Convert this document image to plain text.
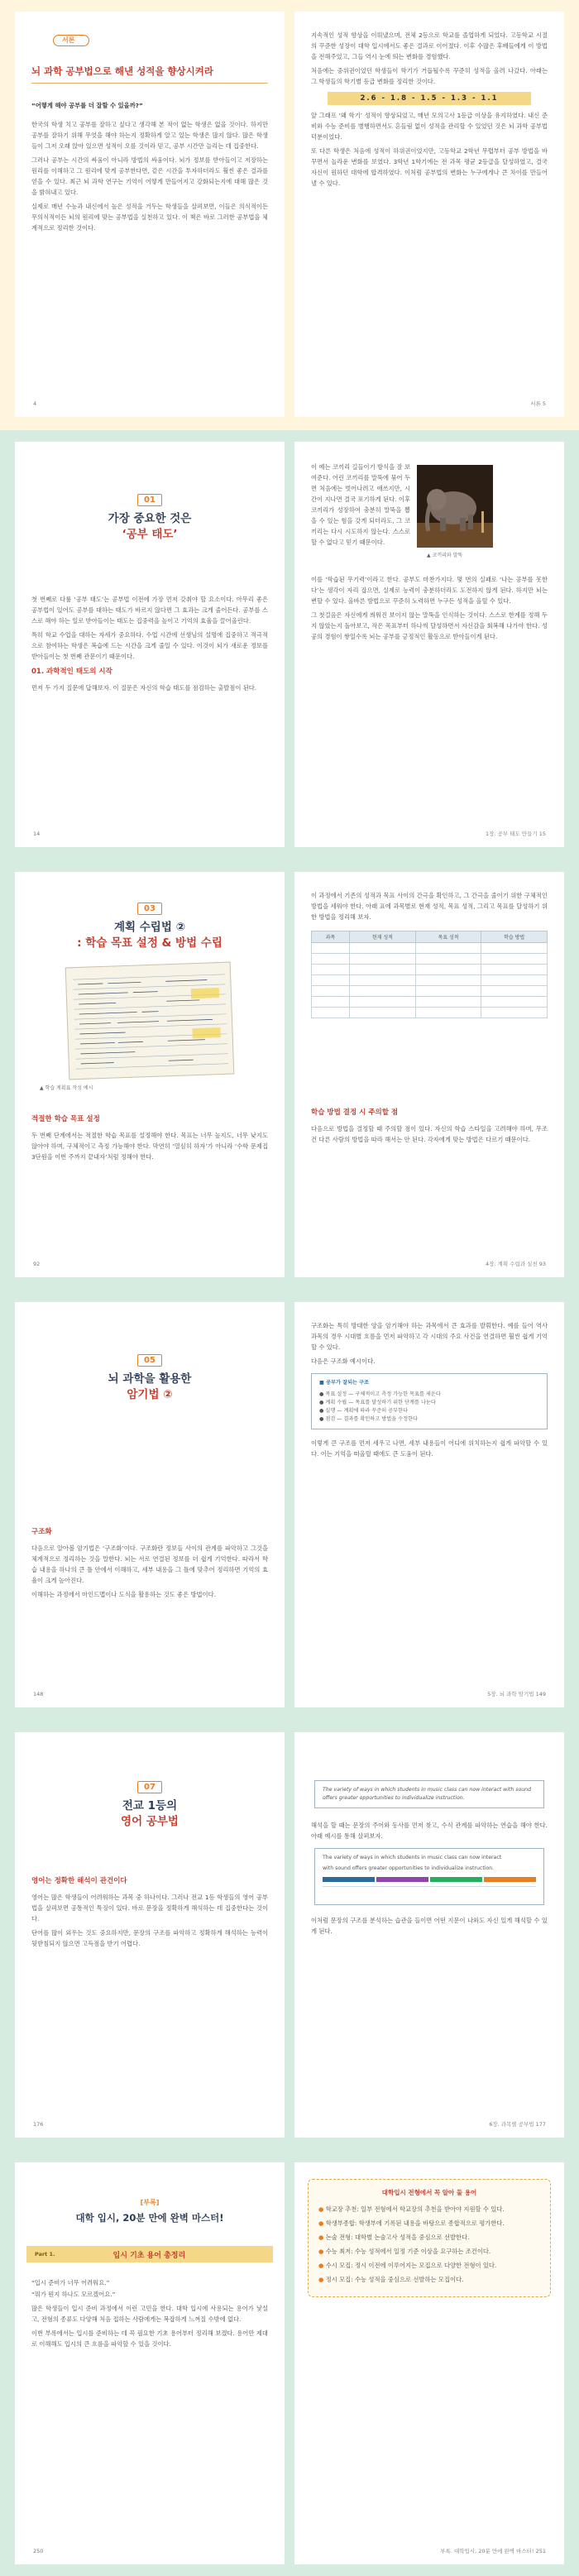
서론
뇌 과학 공부법으로 해낸 성적을 향상시켜라

“어떻게 해야 공부를 더 잘할 수 있을까?”

한국의 학생 치고 공부를 잘하고 싶다고 생각해 본 적이 없는 학생은 없을 것이다. 하지만 공부를 잘하기 위해 무엇을 해야 하는지 정확하게 알고 있는 학생은 많지 않다. 많은 학생들이 그저 오래 앉아 있으면 성적이 오를 것이라 믿고, 공부 시간만 늘리는 데 집중한다.

그러나 공부는 시간의 싸움이 아니라 방법의 싸움이다. 뇌가 정보를 받아들이고 저장하는 원리를 이해하고 그 원리에 맞게 공부한다면, 같은 시간을 투자하더라도 훨씬 좋은 결과를 얻을 수 있다. 최근 뇌 과학 연구는 기억이 어떻게 만들어지고 강화되는지에 대해 많은 것을 밝혀내고 있다.

실제로 매년 수능과 내신에서 높은 성적을 거두는 학생들을 살펴보면, 이들은 의식적이든 무의식적이든 뇌의 원리에 맞는 공부법을 실천하고 있다. 이 책은 바로 그러한 공부법을 체계적으로 정리한 것이다.

4

지속적인 성적 향상을 이뤄냈으며, 전체 2등으로 학교를 졸업하게 되었다. 고등학교 시절의 꾸준한 성장이 대학 입시에서도 좋은 결과로 이어졌다. 이후 수많은 후배들에게 이 방법을 전해주었고, 그들 역시 눈에 띄는 변화를 경험했다.

처음에는 중위권이었던 학생들이 학기가 거듭될수록 꾸준히 성적을 올려 나갔다. 아래는 그 학생들의 학기별 등급 변화를 정리한 것이다.

2.6 - 1.8 - 1.5 - 1.3 - 1.1

앞 그래프 ‘왜 학기’ 성적이 향상되었고, 매년 모의고사 1등급 이상을 유지하였다. 내신 준비와 수능 준비를 병행하면서도 흔들림 없이 성적을 관리할 수 있었던 것은 뇌 과학 공부법 덕분이었다.

또 다른 학생은 처음에 성적이 하위권이었지만, 고등학교 2학년 무렵부터 공부 방법을 바꾸면서 놀라운 변화를 보였다. 3학년 1학기에는 전 과목 평균 2등급을 달성하였고, 결국 자신이 원하던 대학에 합격하였다. 이처럼 공부법의 변화는 누구에게나 큰 차이를 만들어 낼 수 있다.

서론 5
01
가장 중요한 것은
‘공부 태도’

첫 번째로 다룰 ‘공부 태도’는 공부법 이전에 가장 먼저 갖춰야 할 요소이다. 아무리 좋은 공부법이 있어도 공부를 대하는 태도가 바르지 않다면 그 효과는 크게 줄어든다. 공부를 스스로 해야 하는 일로 받아들이는 태도는 집중력을 높이고 기억의 효율을 끌어올린다.

특히 학교 수업을 대하는 자세가 중요하다. 수업 시간에 선생님의 설명에 집중하고 적극적으로 참여하는 학생은 복습에 드는 시간을 크게 줄일 수 있다. 이것이 뇌가 새로운 정보를 받아들이는 첫 번째 관문이기 때문이다.

01. 과학적인 태도의 시작

먼저 두 가지 질문에 답해보자. 이 질문은 자신의 학습 태도를 점검하는 출발점이 된다.

14
▲ 코끼리와 말뚝

이 예는 코끼리 길들이기 방식을 잘 보여준다. 어린 코끼리를 말뚝에 묶어 두면 처음에는 벗어나려고 애쓰지만, 시간이 지나면 결국 포기하게 된다. 이후 코끼리가 성장하여 충분히 말뚝을 뽑을 수 있는 힘을 갖게 되더라도, 그 코끼리는 다시 시도하지 않는다. 스스로 할 수 없다고 믿기 때문이다.

이를 ‘학습된 무기력’이라고 한다. 공부도 마찬가지다. 몇 번의 실패로 ‘나는 공부를 못한다’는 생각이 자리 잡으면, 실제로 능력이 충분하더라도 도전하지 않게 된다. 하지만 뇌는 변할 수 있다. 올바른 방법으로 꾸준히 노력하면 누구든 성적을 올릴 수 있다.

그 첫걸음은 자신에게 씌워진 보이지 않는 말뚝을 인식하는 것이다. 스스로 한계를 정해 두지 않았는지 돌아보고, 작은 목표부터 하나씩 달성하면서 자신감을 회복해 나가야 한다. 성공의 경험이 쌓일수록 뇌는 공부를 긍정적인 활동으로 받아들이게 된다.

1장. 공부 태도 만들기 15
03
계획 수립법 ②
: 학습 목표 설정 & 방법 수립
▲ 학습 계획표 작성 예시
적절한 학습 목표 설정

두 번째 단계에서는 적절한 학습 목표를 설정해야 한다. 목표는 너무 높지도, 너무 낮지도 않아야 하며, 구체적이고 측정 가능해야 한다. 막연히 ‘열심히 하자’가 아니라 ‘수학 문제집 3단원을 이번 주까지 끝내자’처럼 정해야 한다.

92

이 과정에서 기존의 성적과 목표 사이의 간극을 확인하고, 그 간극을 줄이기 위한 구체적인 방법을 세워야 한다. 아래 표에 과목별로 현재 성적, 목표 성적, 그리고 목표를 달성하기 위한 방법을 정리해 보자.

과목	현재 성적	목표 성적	학습 방법

학습 방법 결정 시 주의할 점

다음으로 방법을 결정할 때 주의할 점이 있다. 자신의 학습 스타일을 고려해야 하며, 무조건 다른 사람의 방법을 따라 해서는 안 된다. 각자에게 맞는 방법은 다르기 때문이다.

4장. 계획 수립과 실천 93
05
뇌 과학을 활용한
암기법 ②
구조화

다음으로 알아볼 암기법은 ‘구조화’이다. 구조화란 정보들 사이의 관계를 파악하고 그것을 체계적으로 정리하는 것을 말한다. 뇌는 서로 연결된 정보를 더 쉽게 기억한다. 따라서 학습 내용을 하나의 큰 틀 안에서 이해하고, 세부 내용을 그 틀에 맞추어 정리하면 기억의 효율이 크게 높아진다.

이해하는 과정에서 마인드맵이나 도식을 활용하는 것도 좋은 방법이다.

148

구조화는 특히 방대한 양을 암기해야 하는 과목에서 큰 효과를 발휘한다. 예를 들어 역사 과목의 경우 시대별 흐름을 먼저 파악하고 각 시대의 주요 사건을 연결하면 훨씬 쉽게 기억할 수 있다.

다음은 구조화 예시이다.

■ 공부가 잘되는 구조
● 목표 설정 — 구체적이고 측정 가능한 목표를 세운다
● 계획 수립 — 목표를 달성하기 위한 단계를 나눈다
● 실행 — 계획에 따라 꾸준히 공부한다
● 점검 — 결과를 확인하고 방법을 수정한다

이렇게 큰 구조를 먼저 세우고 나면, 세부 내용들이 어디에 위치하는지 쉽게 파악할 수 있다. 이는 기억을 떠올릴 때에도 큰 도움이 된다.

5장. 뇌 과학 암기법 149
07
전교 1등의
영어 공부법
영어는 정확한 해석이 관건이다

영어는 많은 학생들이 어려워하는 과목 중 하나이다. 그러나 전교 1등 학생들의 영어 공부법을 살펴보면 공통적인 특징이 있다. 바로 문장을 정확하게 해석하는 데 집중한다는 것이다.

단어를 많이 외우는 것도 중요하지만, 문장의 구조를 파악하고 정확하게 해석하는 능력이 뒷받침되지 않으면 고득점을 받기 어렵다.

176
The variety of ways in which students in music class can now interact with sound offers greater opportunities to individualize instruction.

해석을 할 때는 문장의 주어와 동사를 먼저 찾고, 수식 관계를 파악하는 연습을 해야 한다. 아래 예시를 통해 살펴보자.

The variety of ways in which students in music class can now interact
with sound offers greater opportunities to individualize instruction.

이처럼 문장의 구조를 분석하는 습관을 들이면 어떤 지문이 나와도 자신 있게 해석할 수 있게 된다.

6장. 과목별 공부법 177
[부록]
대학 입시, 20분 만에 완벽 마스터!
Part 1.	입시 기초 용어 총정리

“입시 준비가 너무 어려워요.”

“뭐가 뭔지 하나도 모르겠어요.”

많은 학생들이 입시 준비 과정에서 이런 고민을 한다. 대학 입시에 사용되는 용어가 낯설고, 전형의 종류도 다양해 처음 접하는 사람에게는 복잡하게 느껴질 수밖에 없다.

이번 부록에서는 입시를 준비하는 데 꼭 필요한 기초 용어부터 정리해 보겠다. 용어만 제대로 이해해도 입시의 큰 흐름을 파악할 수 있을 것이다.

250
대학입시 전형에서 꼭 알아 둘 용어

● 학교장 추천: 일부 전형에서 학교장의 추천을 받아야 지원할 수 있다.

● 학생부종합: 학생부에 기록된 내용을 바탕으로 종합적으로 평가한다.

● 논술 전형: 대학별 논술고사 성적을 중심으로 선발한다.

● 수능 최저: 수능 성적에서 일정 기준 이상을 요구하는 조건이다.

● 수시 모집: 정시 이전에 이루어지는 모집으로 다양한 전형이 있다.

● 정시 모집: 수능 성적을 중심으로 선발하는 모집이다.

부록. 대학입시, 20분 만에 완벽 마스터! 251
